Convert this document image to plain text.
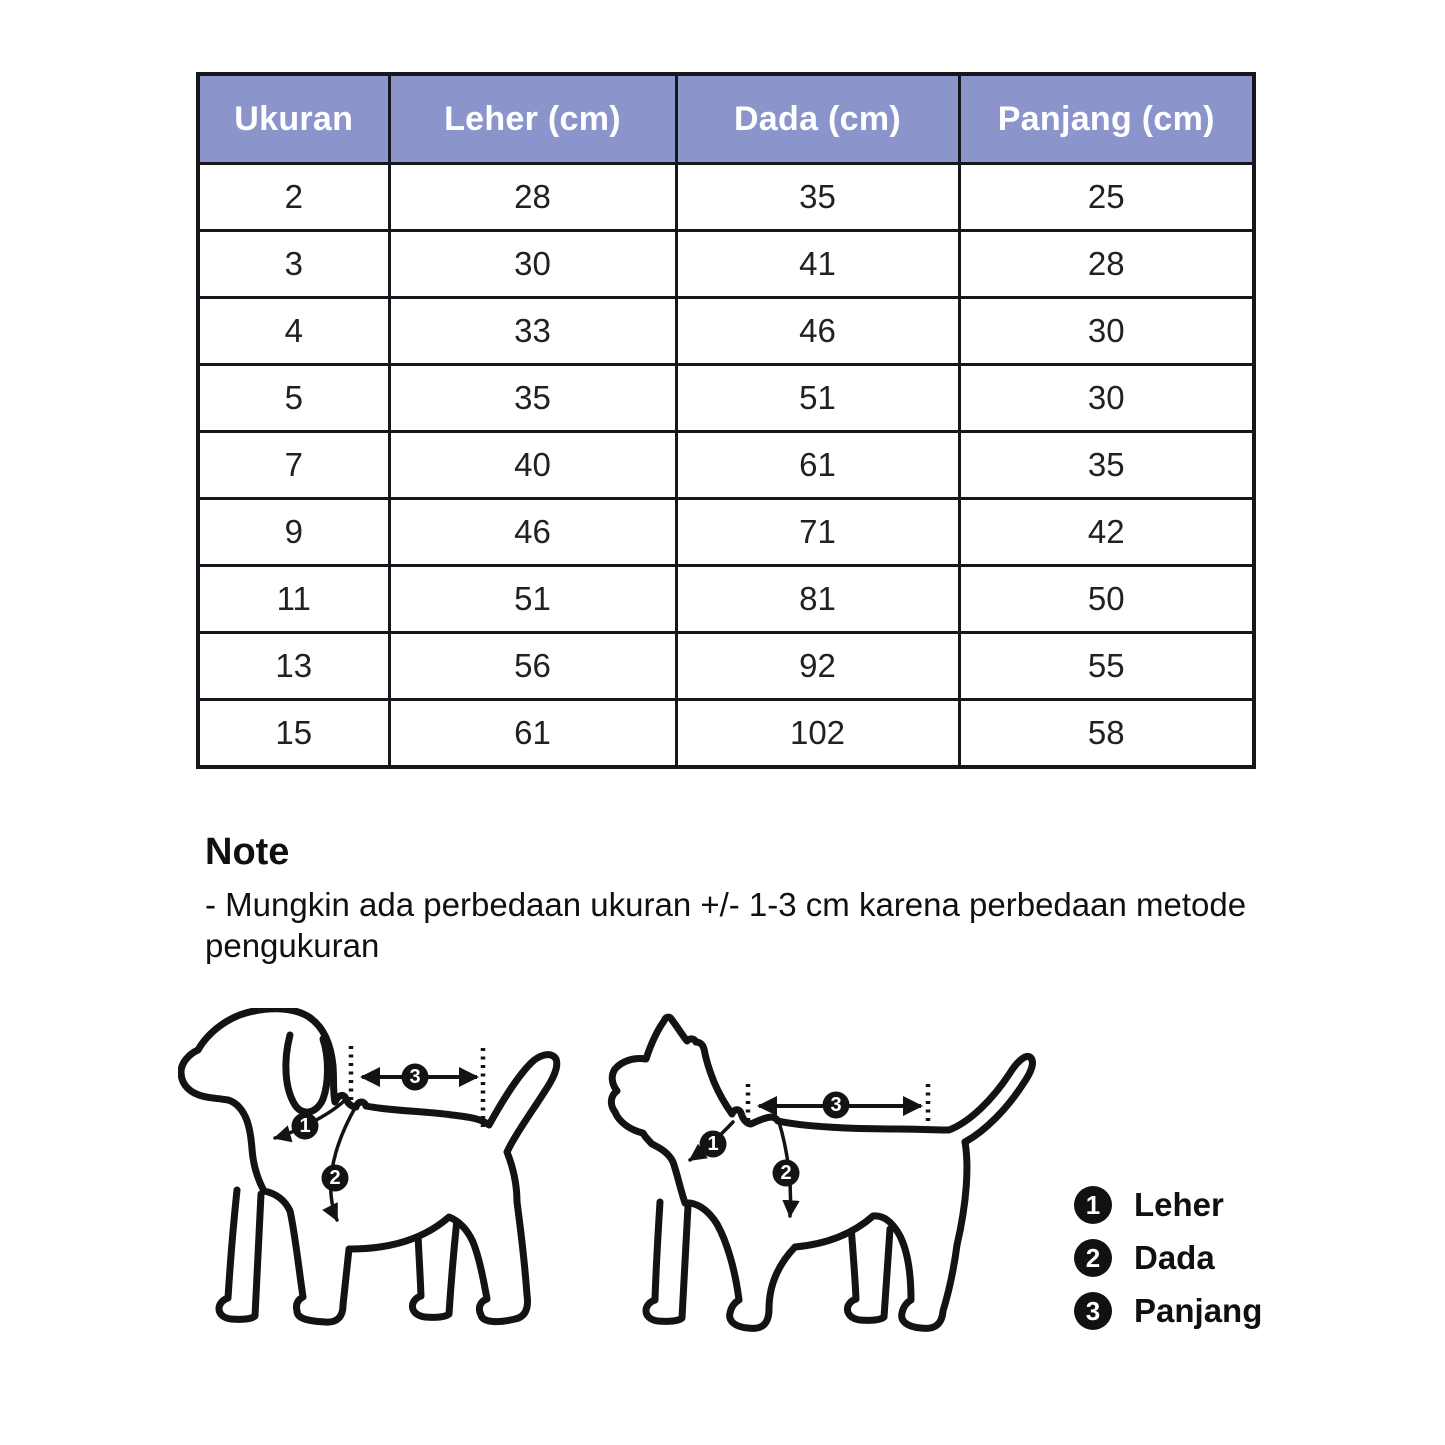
Ukuran	Leher (cm)	Dada (cm)	Panjang (cm)
2	28	35	25
3	30	41	28
4	33	46	30
5	35	51	30
7	40	61	35
9	46	71	42
11	51	81	50
13	56	92	55
15	61	102	58

Note

- Mungkin ada perbedaan ukuran +/- 1-3 cm karena perbedaan metode pengukuran

1
2
3
1
2
3
1	Leher
2	Dada
3	Panjang
